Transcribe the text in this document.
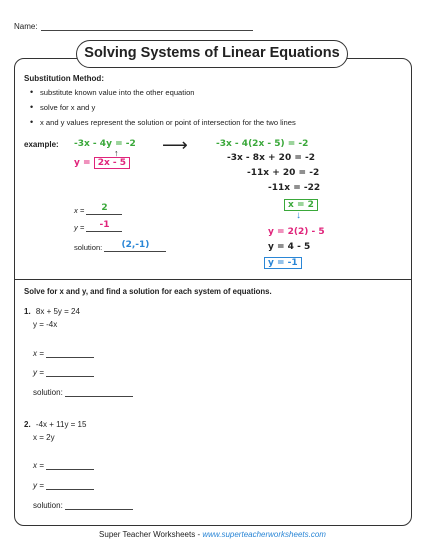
Name:
Solving Systems of Linear Equations
Substitution Method:
• substitute known value into the other equation
• solve for x and y
• x and y values represent the solution or point of intersection for the two lines
example: -3x - 4y = -2
↑
y = 2x - 5
⟶	-3x - 4(2x - 5) = -2
-3x - 8x + 20 = -2
-11x + 20 = -2
-11x = -22
x = 2
↓
y = 2(2) - 5
y = 4 - 5
y = -1
x = 2
y = -1
solution: (2,-1)
Solve for x and y, and find a solution for each system of equations.
1. 8x + 5y = 24
y = -4x
x =
y =
solution:
2. -4x + 11y = 15
x = 2y
x =
y =
solution:
Super Teacher Worksheets - www.superteacherworksheets.com
